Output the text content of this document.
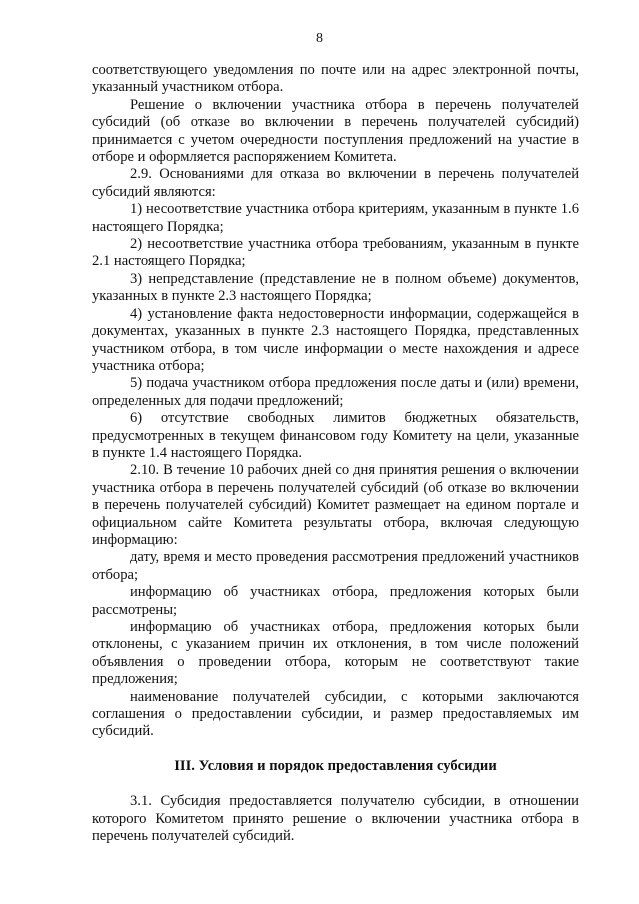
8

соответствующего уведомления по почте или на адрес электронной почты, указанный участником отбора.

Решение о включении участника отбора в перечень получателей субсидий (об отказе во включении в перечень получателей субсидий) принимается с учетом очередности поступления предложений на участие в отборе и оформляется распоряжением Комитета.

2.9. Основаниями для отказа во включении в перечень получателей субсидий являются:

1) несоответствие участника отбора критериям, указанным в пункте 1.6 настоящего Порядка;

2) несоответствие участника отбора требованиям, указанным в пункте 2.1 настоящего Порядка;

3) непредставление (представление не в полном объеме) документов, указанных в пункте 2.3 настоящего Порядка;

4) установление факта недостоверности информации, содержащейся в документах, указанных в пункте 2.3 настоящего Порядка, представленных участником отбора, в том числе информации о месте нахождения и адресе участника отбора;

5) подача участником отбора предложения после даты и (или) времени, определенных для подачи предложений;

6) отсутствие свободных лимитов бюджетных обязательств, предусмотренных в текущем финансовом году Комитету на цели, указанные в пункте 1.4 настоящего Порядка.

2.10. В течение 10 рабочих дней со дня принятия решения о включении участника отбора в перечень получателей субсидий (об отказе во включении в перечень получателей субсидий) Комитет размещает на едином портале и официальном сайте Комитета результаты отбора, включая следующую информацию:

дату, время и место проведения рассмотрения предложений участников отбора;

информацию об участниках отбора, предложения которых были рассмотрены;

информацию об участниках отбора, предложения которых были отклонены, с указанием причин их отклонения, в том числе положений объявления о проведении отбора, которым не соответствуют такие предложения;

наименование получателей субсидии, с которыми заключаются соглашения о предоставлении субсидии, и размер предоставляемых им субсидий.

III. Условия и порядок предоставления субсидии

3.1. Субсидия предоставляется получателю субсидии, в отношении которого Комитетом принято решение о включении участника отбора в перечень получателей субсидий.
